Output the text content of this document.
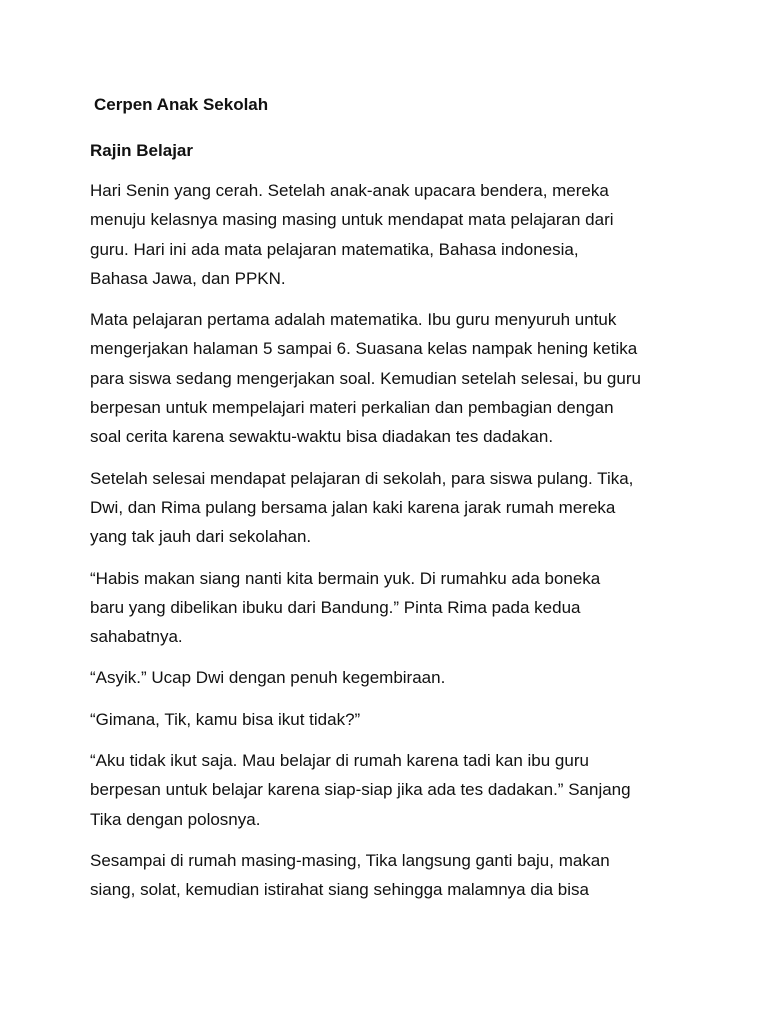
Cerpen Anak Sekolah
Rajin Belajar

Hari Senin yang cerah. Setelah anak-anak upacara bendera, mereka
menuju kelasnya masing masing untuk mendapat mata pelajaran dari
guru. Hari ini ada mata pelajaran matematika, Bahasa indonesia,
Bahasa Jawa, dan PPKN.

Mata pelajaran pertama adalah matematika. Ibu guru menyuruh untuk
mengerjakan halaman 5 sampai 6. Suasana kelas nampak hening ketika
para siswa sedang mengerjakan soal. Kemudian setelah selesai, bu guru
berpesan untuk mempelajari materi perkalian dan pembagian dengan
soal cerita karena sewaktu-waktu bisa diadakan tes dadakan.

Setelah selesai mendapat pelajaran di sekolah, para siswa pulang. Tika,
Dwi, dan Rima pulang bersama jalan kaki karena jarak rumah mereka
yang tak jauh dari sekolahan.

“Habis makan siang nanti kita bermain yuk. Di rumahku ada boneka
baru yang dibelikan ibuku dari Bandung.” Pinta Rima pada kedua
sahabatnya.

“Asyik.” Ucap Dwi dengan penuh kegembiraan.

“Gimana, Tik, kamu bisa ikut tidak?”

“Aku tidak ikut saja. Mau belajar di rumah karena tadi kan ibu guru
berpesan untuk belajar karena siap-siap jika ada tes dadakan.” Sanjang
Tika dengan polosnya.

Sesampai di rumah masing-masing, Tika langsung ganti baju, makan
siang, solat, kemudian istirahat siang sehingga malamnya dia bisa
